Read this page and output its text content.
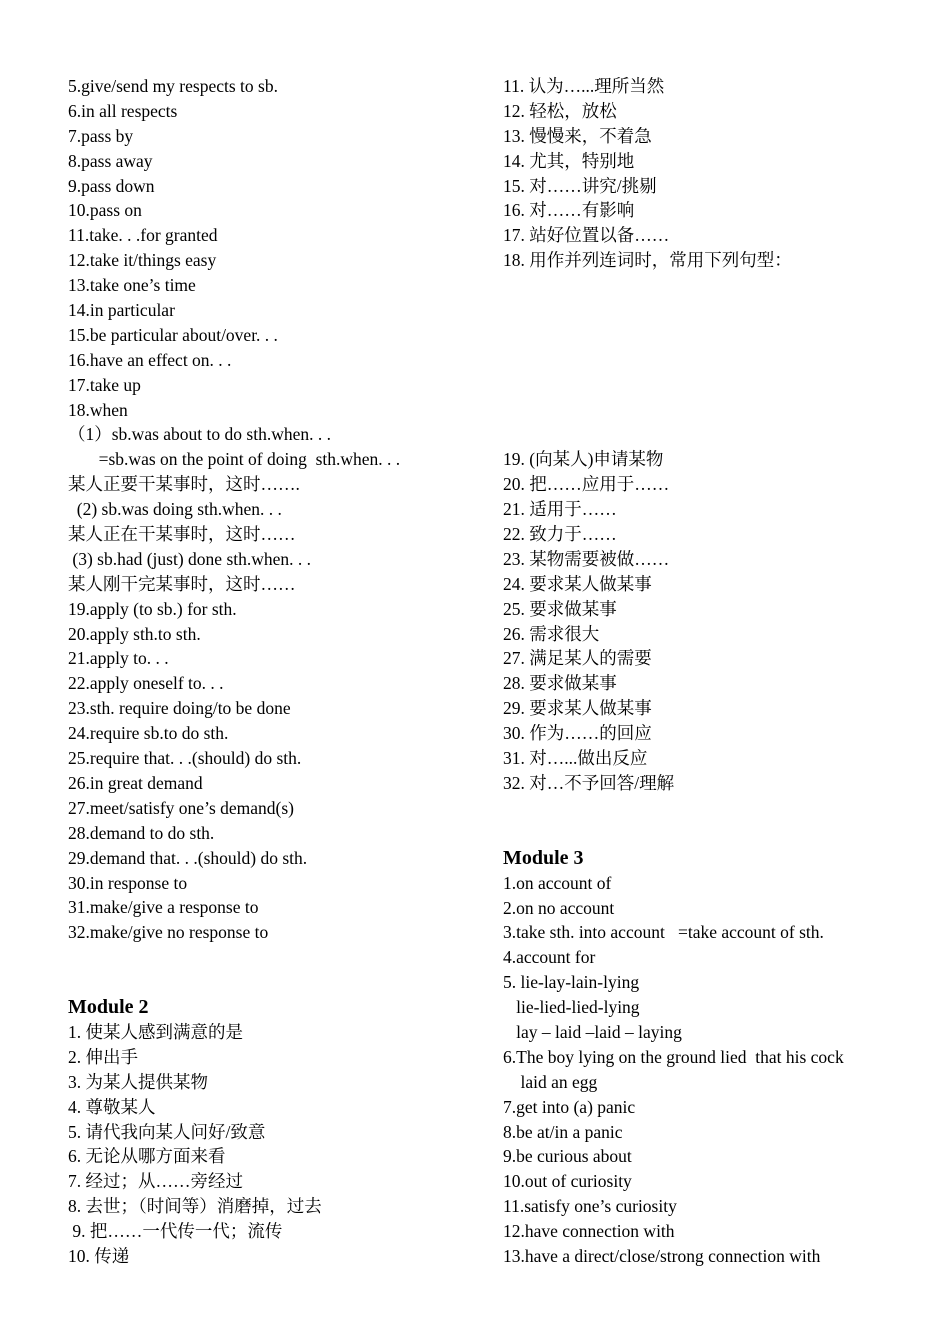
5.give/send my respects to sb.
6.in all respects
7.pass by
8.pass away
9.pass down
10.pass on
11.take. . .for granted
12.take it/things easy
13.take one’s time
14.in particular
15.be particular about/over. . .
16.have an effect on. . .
17.take up
18.when
（1）sb.was about to do sth.when. . .
=sb.was on the point of doing  sth.when. . .
某人正要干某事时，这时…….
(2) sb.was doing sth.when. . .
某人正在干某事时，这时……
(3) sb.had (just) done sth.when. . .
某人刚干完某事时，这时……
19.apply (to sb.) for sth.
20.apply sth.to sth.
21.apply to. . .
22.apply oneself to. . .
23.sth. require doing/to be done
24.require sb.to do sth.
25.require that. . .(should) do sth.
26.in great demand
27.meet/satisfy one’s demand(s)
28.demand to do sth.
29.demand that. . .(should) do sth.
30.in response to
31.make/give a response to
32.make/give no response to
Module 2
1. 使某人感到满意的是
2. 伸出手
3. 为某人提供某物
4. 尊敬某人
5. 请代我向某人问好/致意
6. 无论从哪方面来看
7. 经过；从……旁经过
8. 去世；（时间等）消磨掉，过去
9. 把……一代传一代；流传
10. 传递
11. 认为…...理所当然
12. 轻松，放松
13. 慢慢来，不着急
14. 尤其，特别地
15. 对……讲究/挑剔
16. 对……有影响
17. 站好位置以备……
18. 用作并列连词时，常用下列句型：
19. (向某人)申请某物
20. 把……应用于……
21. 适用于……
22. 致力于……
23. 某物需要被做……
24. 要求某人做某事
25. 要求做某事
26. 需求很大
27. 满足某人的需要
28. 要求做某事
29. 要求某人做某事
30. 作为……的回应
31. 对…...做出反应
32. 对…不予回答/理解
Module 3
1.on account of
2.on no account
3.take sth. into account   =take account of sth.
4.account for
5. lie-lay-lain-lying
lie-lied-lied-lying
lay – laid –laid – laying
6.The boy lying on the ground lied  that his cock
laid an egg
7.get into (a) panic
8.be at/in a panic
9.be curious about
10.out of curiosity
11.satisfy one’s curiosity
12.have connection with
13.have a direct/close/strong connection with
